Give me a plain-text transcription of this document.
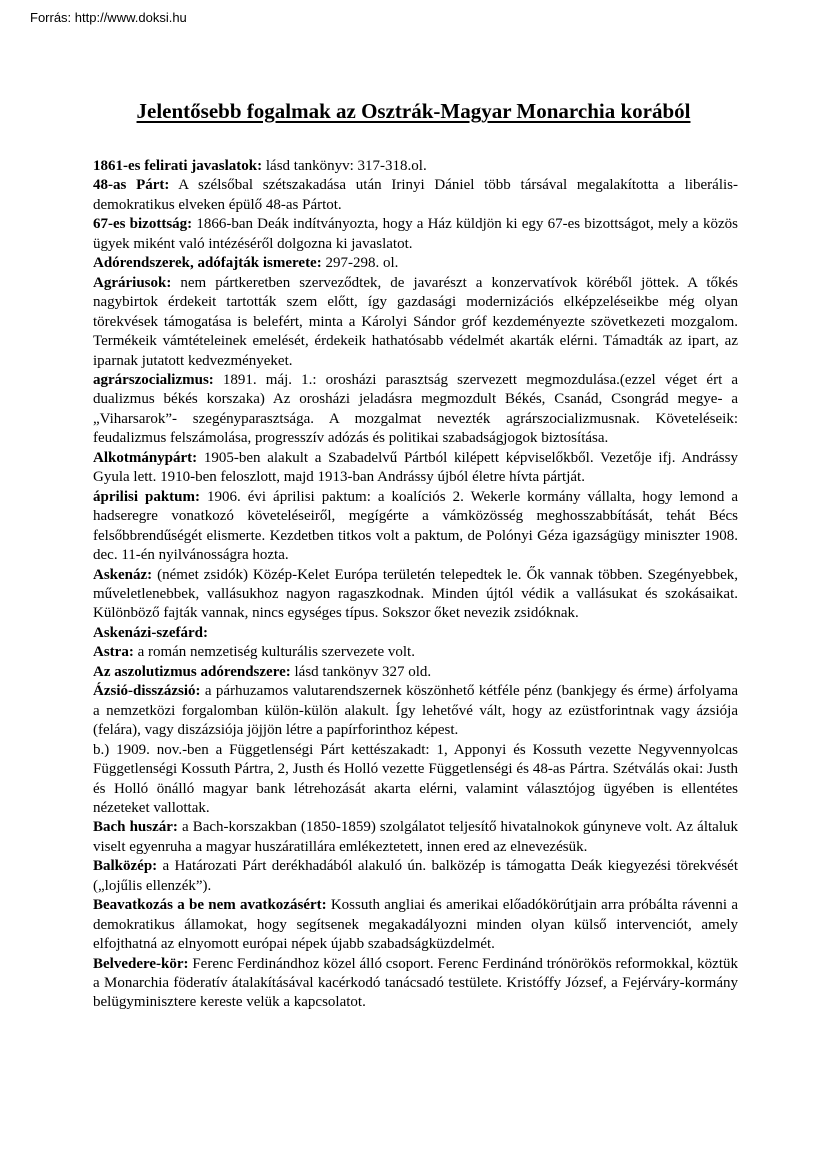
Forrás: http://www.doksi.hu
Jelentősebb fogalmak az Osztrák-Magyar Monarchia korából

1861-es felirati javaslatok: lásd tankönyv: 317-318.ol.

48-as Párt: A szélsőbal szétszakadása után Irinyi Dániel több társával megalakította a liberális-demokratikus elveken épülő 48-as Pártot.

67-es bizottság: 1866-ban Deák indítványozta, hogy a Ház küldjön ki egy 67-es bizottságot, mely a közös ügyek miként való intézéséről dolgozna ki javaslatot.

Adórendszerek, adófajták ismerete: 297-298. ol.

Agráriusok: nem pártkeretben szerveződtek, de javarészt a konzervatívok köréből jöttek. A tőkés nagybirtok érdekeit tartották szem előtt, így gazdasági modernizációs elképzeléseikbe még olyan törekvések támogatása is belefért, minta a Károlyi Sándor gróf kezdeményezte szövetkezeti mozgalom. Termékeik vámtételeinek emelését, érdekeik hathatósabb védelmét akarták elérni. Támadták az ipart, az iparnak jutatott kedvezményeket.

agrárszocializmus: 1891. máj. 1.: orosházi parasztság szervezett megmozdulása.(ezzel véget ért a dualizmus békés korszaka) Az orosházi jeladásra megmozdult Békés, Csanád, Csongrád megye- a „Viharsarok”- szegényparasztsága. A mozgalmat nevezték agrárszocializmusnak. Követeléseik: feudalizmus felszámolása, progresszív adózás és politikai szabadságjogok biztosítása.

Alkotmánypárt: 1905-ben alakult a Szabadelvű Pártból kilépett képviselőkből. Vezetője ifj. Andrássy Gyula lett. 1910-ben feloszlott, majd 1913-ban Andrássy újból életre hívta pártját.

áprilisi paktum: 1906. évi áprilisi paktum: a koalíciós 2. Wekerle kormány vállalta, hogy lemond a hadseregre vonatkozó követeléseiről, megígérte a vámközösség meghosszabbítását, tehát Bécs felsőbbrendűségét elismerte. Kezdetben titkos volt a paktum, de Polónyi Géza igazságügy miniszter 1908. dec. 11-én nyilvánosságra hozta.

Askenáz: (német zsidók) Közép-Kelet Európa területén telepedtek le. Ők vannak többen. Szegényebbek, műveletlenebbek, vallásukhoz nagyon ragaszkodnak. Minden újtól védik a vallásukat és szokásaikat. Különböző fajták vannak, nincs egységes típus. Sokszor őket nevezik zsidóknak.

Askenázi-szefárd:

Astra: a román nemzetiség kulturális szervezete volt.

Az aszolutizmus adórendszere: lásd tankönyv 327 old.

Ázsió-disszázsió: a párhuzamos valutarendszernek köszönhető kétféle pénz (bankjegy és érme) árfolyama a nemzetközi forgalomban külön-külön alakult. Így lehetővé vált, hogy az ezüstforintnak vagy ázsiója (felára), vagy diszázsiója jöjjön létre a papírforinthoz képest.

b.) 1909. nov.-ben a Függetlenségi Párt kettészakadt: 1, Apponyi és Kossuth vezette Negyvennyolcas Függetlenségi Kossuth Pártra, 2, Justh és Holló vezette Függetlenségi és 48-as Pártra. Szétválás okai: Justh és Holló önálló magyar bank létrehozását akarta elérni, valamint választójog ügyében is ellentétes nézeteket vallottak.

Bach huszár: a Bach-korszakban (1850-1859) szolgálatot teljesítő hivatalnokok gúnyneve volt. Az általuk viselt egyenruha a magyar huszáratillára emlékeztetett, innen ered az elnevezésük.

Balközép: a Határozati Párt derékhadából alakuló ún. balközép is támogatta Deák kiegyezési törekvését („lojűlis ellenzék”).

Beavatkozás a be nem avatkozásért: Kossuth angliai és amerikai előadókörútjain arra próbálta rávenni a demokratikus államokat, hogy segítsenek megakadályozni minden olyan külső intervenciót, amely elfojthatná az elnyomott európai népek újabb szabadságküzdelmét.

Belvedere-kör: Ferenc Ferdinándhoz közel álló csoport. Ferenc Ferdinánd trónörökös reformokkal, köztük a Monarchia föderatív átalakításával kacérkodó tanácsadó testülete. Kristóffy József, a Fejérváry-kormány belügyminisztere kereste velük a kapcsolatot.
